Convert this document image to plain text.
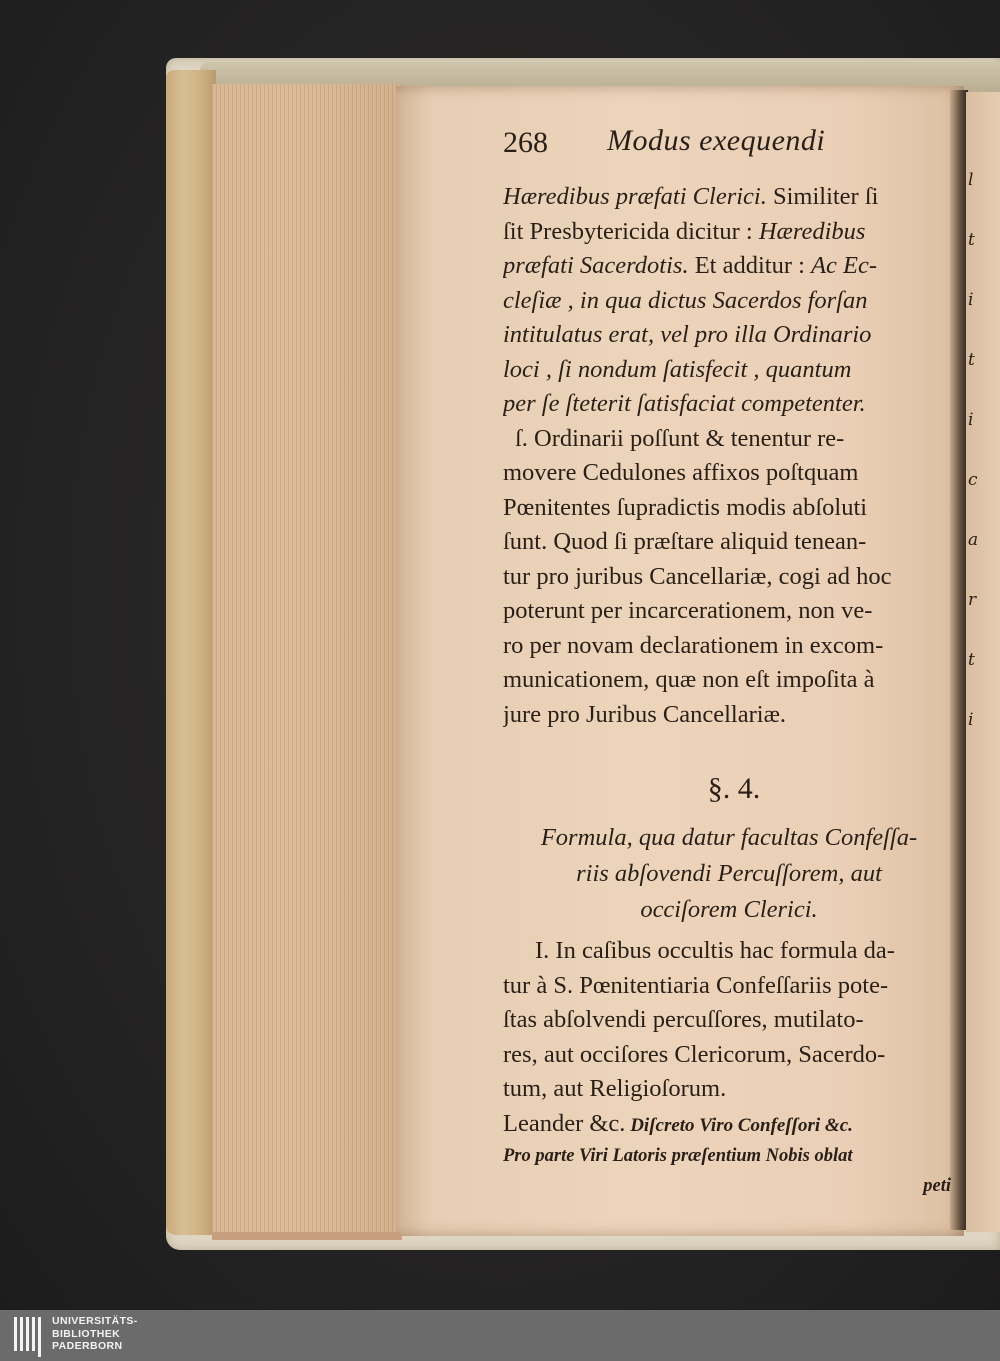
l
t
i
t
i
c
a
r
t
i
268 Modus exequendi
Hæredibus præfati Clerici. Similiter ſi
ſit Presbytericida dicitur : Hæredibus
præfati Sacerdotis. Et additur : Ac Ec-
cleſiæ , in qua dictus Sacerdos forſan
intitulatus erat, vel pro illa Ordinario
loci , ſi nondum ſatisfecit , quantum
per ſe ſteterit ſatisfaciat competenter.
ſ. Ordinarii poſſunt & tenentur re-
movere Cedulones affixos poſtquam
Pœnitentes ſupradictis modis abſoluti
ſunt. Quod ſi præſtare aliquid tenean-
tur pro juribus Cancellariæ, cogi ad hoc
poterunt per incarcerationem, non ve-
ro per novam declarationem in excom-
municationem, quæ non eſt impoſita à
jure pro Juribus Cancellariæ.
§. 4.
Formula, qua datur facultas Confeſſa-
riis abſovendi Percuſſorem, aut
occiſorem Clerici.
I. In caſibus occultis hac formula da-
tur à S. Pœnitentiaria Confeſſariis pote-
ſtas abſolvendi percuſſores, mutilato-
res, aut occiſores Clericorum, Sacerdo-
tum, aut Religioſorum.
Leander &c. Diſcreto Viro Confeſſori &c.
Pro parte Viri Latoris præſentium Nobis oblat
peti
UNIVERSITÄTS-
BIBLIOTHEK
PADERBORN
